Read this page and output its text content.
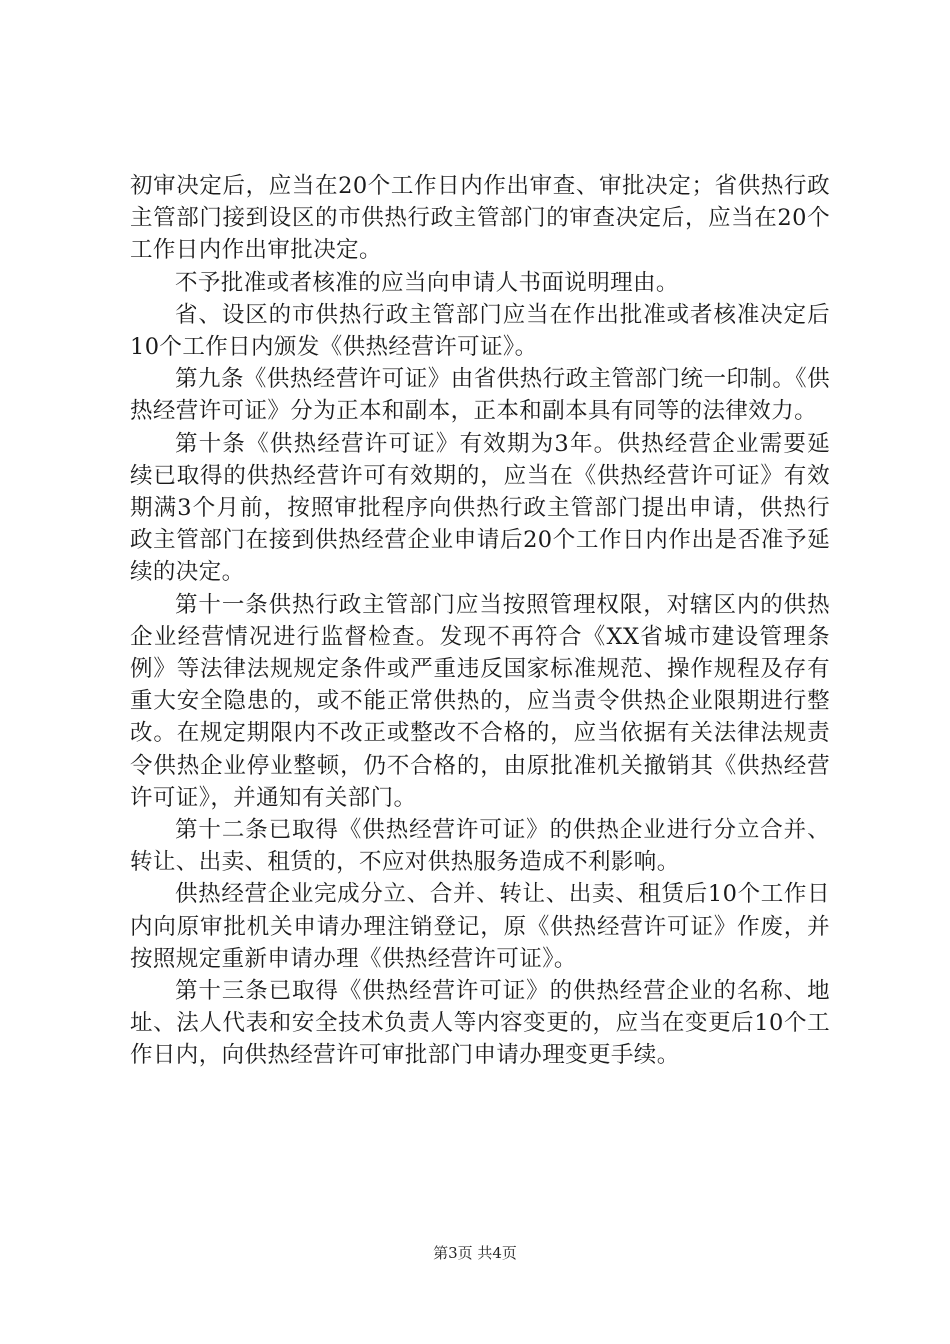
初审决定后，应当在20个工作日内作出审查、审批决定；省供热行政主管部门接到设区的市供热行政主管部门的审查决定后，应当在20个工作日内作出审批决定。

不予批准或者核准的应当向申请人书面说明理由。

省、设区的市供热行政主管部门应当在作出批准或者核准决定后10个工作日内颁发《供热经营许可证》。

第九条《供热经营许可证》由省供热行政主管部门统一印制。《供热经营许可证》分为正本和副本，正本和副本具有同等的法律效力。

第十条《供热经营许可证》有效期为3年。供热经营企业需要延续已取得的供热经营许可有效期的，应当在《供热经营许可证》有效期满3个月前，按照审批程序向供热行政主管部门提出申请，供热行政主管部门在接到供热经营企业申请后20个工作日内作出是否准予延续的决定。

第十一条供热行政主管部门应当按照管理权限，对辖区内的供热企业经营情况进行监督检查。发现不再符合《XX省城市建设管理条例》等法律法规规定条件或严重违反国家标准规范、操作规程及存有重大安全隐患的，或不能正常供热的，应当责令供热企业限期进行整改。在规定期限内不改正或整改不合格的，应当依据有关法律法规责令供热企业停业整顿，仍不合格的，由原批准机关撤销其《供热经营许可证》，并通知有关部门。

第十二条已取得《供热经营许可证》的供热企业进行分立合并、转让、出卖、租赁的，不应对供热服务造成不利影响。

供热经营企业完成分立、合并、转让、出卖、租赁后10个工作日内向原审批机关申请办理注销登记，原《供热经营许可证》作废，并按照规定重新申请办理《供热经营许可证》。

第十三条已取得《供热经营许可证》的供热经营企业的名称、地址、法人代表和安全技术负责人等内容变更的，应当在变更后10个工作日内，向供热经营许可审批部门申请办理变更手续。

第3页 共4页
